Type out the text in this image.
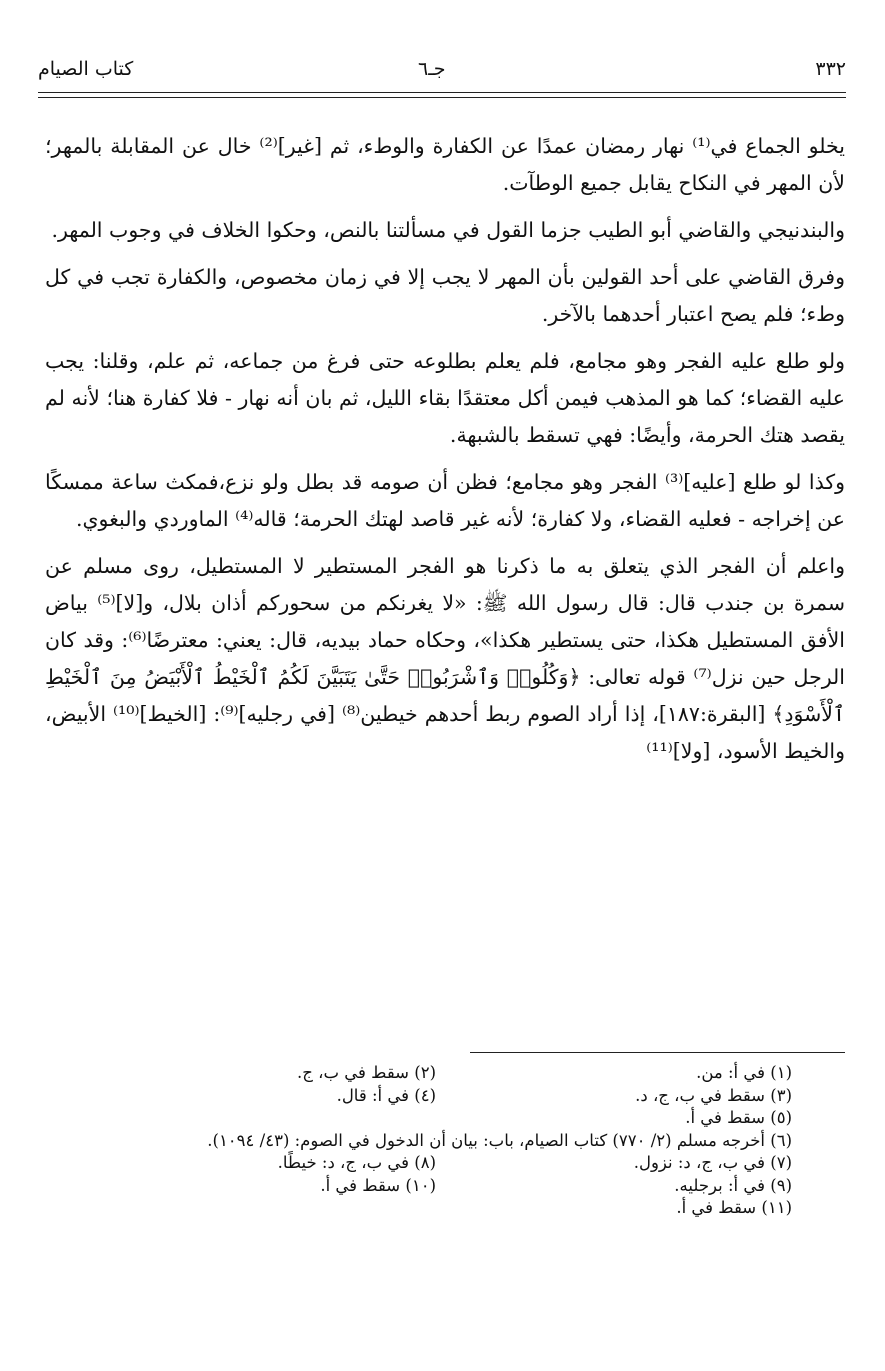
٣٣٢
جـ٦
كتاب الصيام

يخلو الجماع في⁽¹⁾ نهار رمضان عمدًا عن الكفارة والوطء، ثم [غير]⁽²⁾ خال عن المقابلة بالمهر؛ لأن المهر في النكاح يقابل جميع الوطآت.

والبندنيجي والقاضي أبو الطيب جزما القول في مسألتنا بالنص، وحكوا الخلاف في وجوب المهر.

وفرق القاضي على أحد القولين بأن المهر لا يجب إلا في زمان مخصوص، والكفارة تجب في كل وطء؛ فلم يصح اعتبار أحدهما بالآخر.

ولو طلع عليه الفجر وهو مجامع، فلم يعلم بطلوعه حتى فرغ من جماعه، ثم علم، وقلنا: يجب عليه القضاء؛ كما هو المذهب فيمن أكل معتقدًا بقاء الليل، ثم بان أنه نهار - فلا كفارة هنا؛ لأنه لم يقصد هتك الحرمة، وأيضًا: فهي تسقط بالشبهة.

وكذا لو طلع [عليه]⁽³⁾ الفجر وهو مجامع؛ فظن أن صومه قد بطل ولو نزع،فمكث ساعة ممسكًا عن إخراجه - فعليه القضاء، ولا كفارة؛ لأنه غير قاصد لهتك الحرمة؛ قاله⁽⁴⁾ الماوردي والبغوي.

واعلم أن الفجر الذي يتعلق به ما ذكرنا هو الفجر المستطير لا المستطيل، روى مسلم عن سمرة بن جندب قال: قال رسول الله ﷺ: «لا يغرنكم من سحوركم أذان بلال، و[لا]⁽⁵⁾ بياض الأفق المستطيل هكذا، حتى يستطير هكذا»، وحكاه حماد بيديه، قال: يعني: معترضًا⁽⁶⁾: وقد كان الرجل حين نزل⁽⁷⁾ قوله تعالى: ﴿وَكُلُوا۟ وَٱشْرَبُوا۟ حَتَّىٰ يَتَبَيَّنَ لَكُمُ ٱلْخَيْطُ ٱلْأَبْيَضُ مِنَ ٱلْخَيْطِ ٱلْأَسْوَدِ﴾ [البقرة:١٨٧]، إذا أراد الصوم ربط أحدهم خيطين⁽⁸⁾ [في رجليه]⁽⁹⁾: [الخيط]⁽¹⁰⁾ الأبيض، والخيط الأسود، [ولا]⁽¹¹⁾

(١) في أ: من.
(٢) سقط في ب، ج.
(٣) سقط في ب، ج، د.
(٤) في أ: قال.
(٥) سقط في أ.
(٦) أخرجه مسلم (٢/ ٧٧٠) كتاب الصيام، باب: بيان أن الدخول في الصوم: (٤٣/ ١٠٩٤).
(٧) في ب، ج، د: نزول.
(٨) في ب، ج، د: خيطًا.
(٩) في أ: برجليه.
(١٠) سقط في أ.
(١١) سقط في أ.
